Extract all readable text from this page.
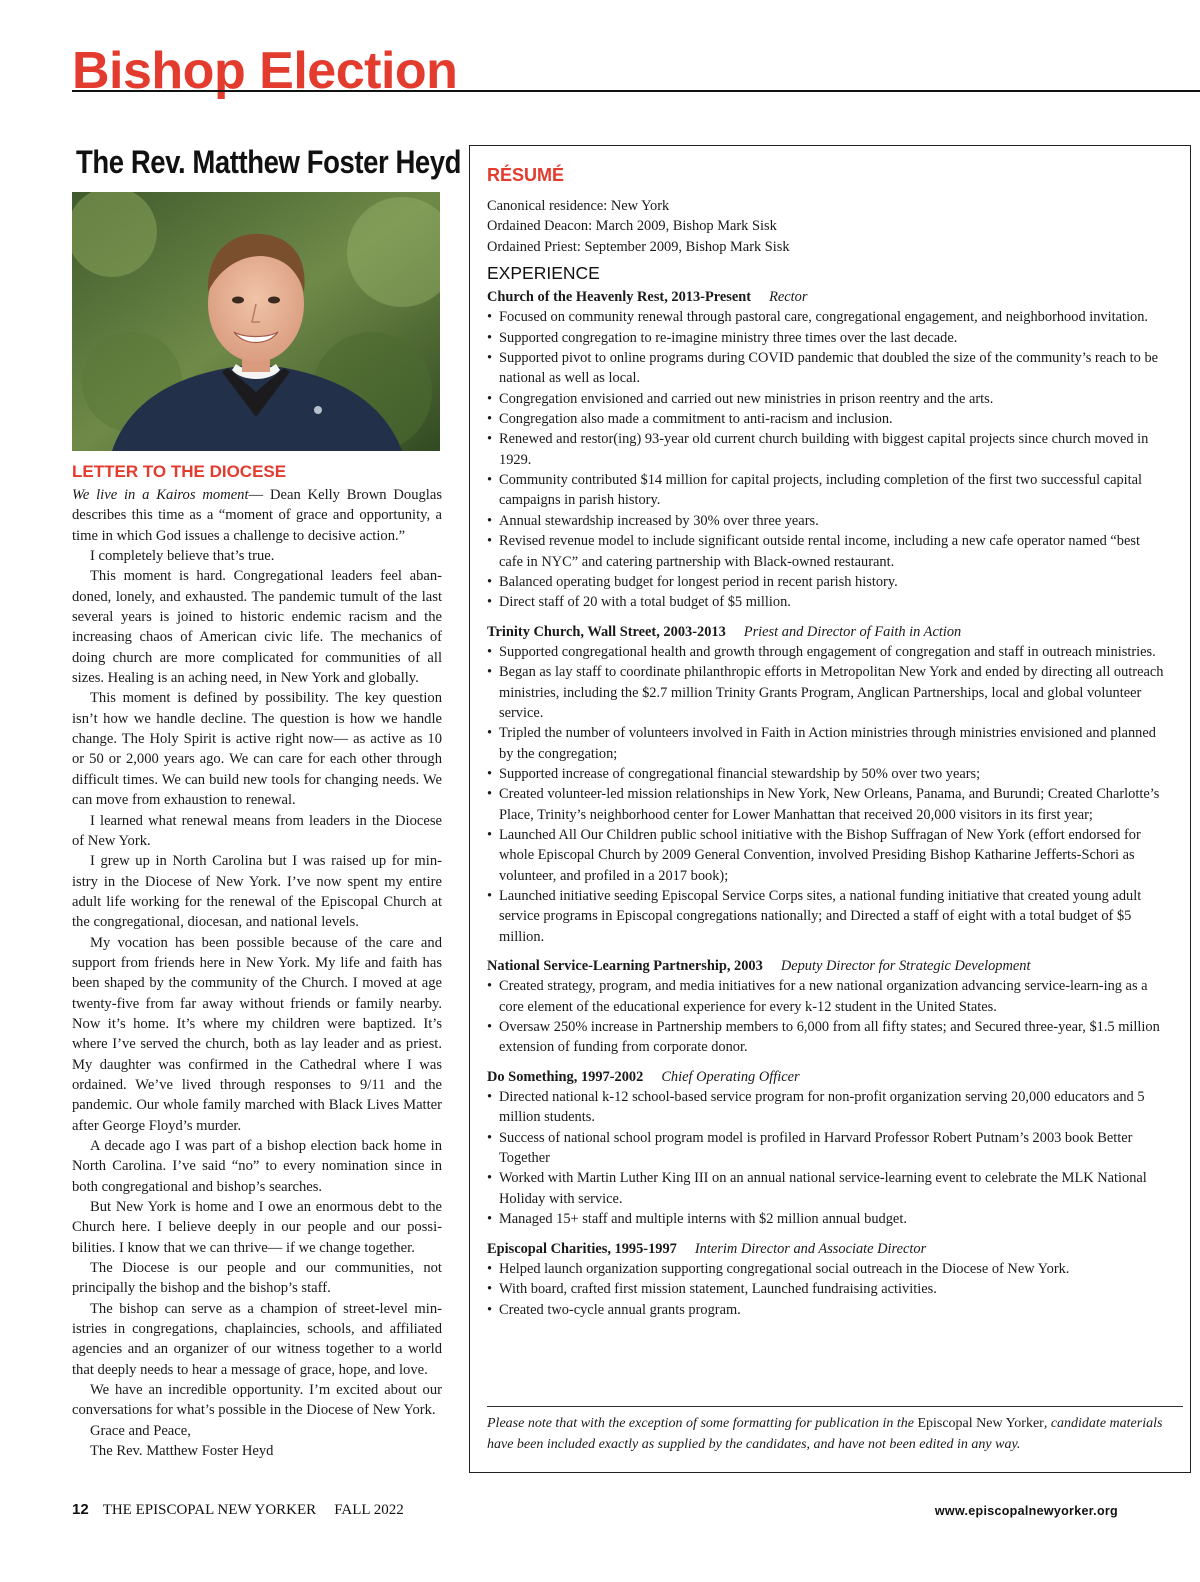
Bishop Election
The Rev. Matthew Foster Heyd
LETTER TO THE DIOCESE

We live in a Kairos moment— Dean Kelly Brown Douglas describes this time as a “moment of grace and opportunity, a time in which God issues a challenge to decisive action.”

I completely believe that’s true.

This moment is hard. Congregational leaders feel aban-doned, lonely, and exhausted. The pandemic tumult of the last several years is joined to historic endemic racism and the increasing chaos of American civic life. The mechanics of doing church are more complicated for communities of all sizes. Healing is an aching need, in New York and globally.

This moment is defined by possibility. The key question isn’t how we handle decline. The question is how we handle change. The Holy Spirit is active right now— as active as 10 or 50 or 2,000 years ago. We can care for each other through difficult times. We can build new tools for changing needs. We can move from exhaustion to renewal.

I learned what renewal means from leaders in the Diocese of New York.

I grew up in North Carolina but I was raised up for min-istry in the Diocese of New York. I’ve now spent my entire adult life working for the renewal of the Episcopal Church at the congregational, diocesan, and national levels.

My vocation has been possible because of the care and support from friends here in New York. My life and faith has been shaped by the community of the Church. I moved at age twenty-five from far away without friends or family nearby. Now it’s home. It’s where my children were baptized. It’s where I’ve served the church, both as lay leader and as priest. My daughter was confirmed in the Cathedral where I was ordained. We’ve lived through responses to 9/11 and the pandemic. Our whole family marched with Black Lives Matter after George Floyd’s murder.

A decade ago I was part of a bishop election back home in North Carolina. I’ve said “no” to every nomination since in both congregational and bishop’s searches.

But New York is home and I owe an enormous debt to the Church here. I believe deeply in our people and our possi-bilities. I know that we can thrive— if we change together.

The Diocese is our people and our communities, not principally the bishop and the bishop’s staff.

The bishop can serve as a champion of street-level min-istries in congregations, chaplaincies, schools, and affiliated agencies and an organizer of our witness together to a world that deeply needs to hear a message of grace, hope, and love.

We have an incredible opportunity. I’m excited about our conversations for what’s possible in the Diocese of New York.

Grace and Peace,

The Rev. Matthew Foster Heyd

RÉSUMÉ

Canonical residence: New York

Ordained Deacon: March 2009, Bishop Mark Sisk

Ordained Priest: September 2009, Bishop Mark Sisk

EXPERIENCE

Church of the Heavenly Rest, 2013-Present Rector

• Focused on community renewal through pastoral care, congregational engagement, and neighborhood invitation.
• Supported congregation to re-imagine ministry three times over the last decade.
• Supported pivot to online programs during COVID pandemic that doubled the size of the community’s reach to be national as well as local.
• Congregation envisioned and carried out new ministries in prison reentry and the arts.
• Congregation also made a commitment to anti-racism and inclusion.
• Renewed and restor(ing) 93-year old current church building with biggest capital projects since church moved in 1929.
• Community contributed $14 million for capital projects, including completion of the first two successful capital campaigns in parish history.
• Annual stewardship increased by 30% over three years.
• Revised revenue model to include significant outside rental income, including a new cafe operator named “best cafe in NYC” and catering partnership with Black-owned restaurant.
• Balanced operating budget for longest period in recent parish history.
• Direct staff of 20 with a total budget of $5 million.

Trinity Church, Wall Street, 2003-2013 Priest and Director of Faith in Action

• Supported congregational health and growth through engagement of congregation and staff in outreach ministries.
• Began as lay staff to coordinate philanthropic efforts in Metropolitan New York and ended by directing all outreach ministries, including the $2.7 million Trinity Grants Program, Anglican Partnerships, local and global volunteer service.
• Tripled the number of volunteers involved in Faith in Action ministries through ministries envisioned and planned by the congregation;
• Supported increase of congregational financial stewardship by 50% over two years;
• Created volunteer-led mission relationships in New York, New Orleans, Panama, and Burundi; Created Charlotte’s Place, Trinity’s neighborhood center for Lower Manhattan that received 20,000 visitors in its first year;
• Launched All Our Children public school initiative with the Bishop Suffragan of New York (effort endorsed for whole Episcopal Church by 2009 General Convention, involved Presiding Bishop Katharine Jefferts-Schori as volunteer, and profiled in a 2017 book);
• Launched initiative seeding Episcopal Service Corps sites, a national funding initiative that created young adult service programs in Episcopal congregations nationally; and Directed a staff of eight with a total budget of $5 million.

National Service-Learning Partnership, 2003 Deputy Director for Strategic Development

• Created strategy, program, and media initiatives for a new national organization advancing service-learn-ing as a core element of the educational experience for every k-12 student in the United States.
• Oversaw 250% increase in Partnership members to 6,000 from all fifty states; and Secured three-year, $1.5 million extension of funding from corporate donor.

Do Something, 1997-2002 Chief Operating Officer

• Directed national k-12 school-based service program for non-profit organization serving 20,000 educators and 5 million students.
• Success of national school program model is profiled in Harvard Professor Robert Putnam’s 2003 book Better Together
• Worked with Martin Luther King III on an annual national service-learning event to celebrate the MLK National Holiday with service.
• Managed 15+ staff and multiple interns with $2 million annual budget.

Episcopal Charities, 1995-1997 Interim Director and Associate Director

• Helped launch organization supporting congregational social outreach in the Diocese of New York.
• With board, crafted first mission statement, Launched fundraising activities.
• Created two-cycle annual grants program.
Please note that with the exception of some formatting for publication in the Episcopal New Yorker, candidate materials have been included exactly as supplied by the candidates, and have not been edited in any way.
12 THE EPISCOPAL NEW YORKER FALL 2022	www.episcopalnewyorker.org
